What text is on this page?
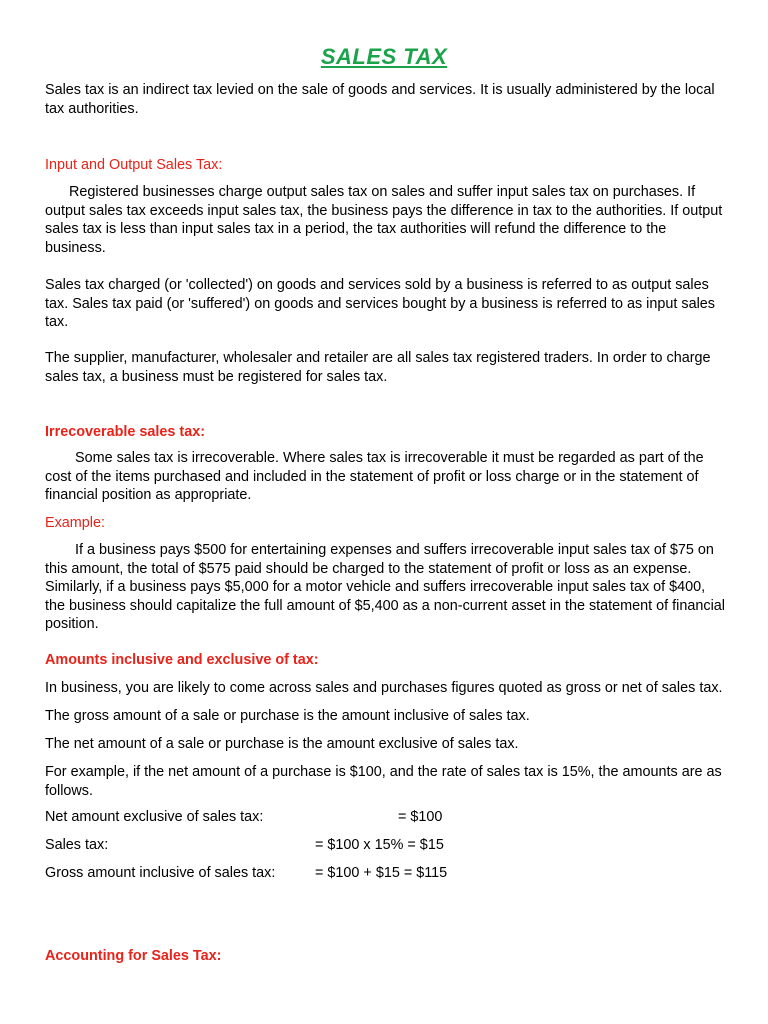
SALES TAX
Sales tax is an indirect tax levied on the sale of goods and services. It is usually administered by the local tax authorities.
Input and Output Sales Tax:
Registered businesses charge output sales tax on sales and suffer input sales tax on purchases. If output sales tax exceeds input sales tax, the business pays the difference in tax to the authorities. If output sales tax is less than input sales tax in a period, the tax authorities will refund the difference to the business.
Sales tax charged (or 'collected') on goods and services sold by a business is referred to as output sales tax. Sales tax paid (or 'suffered') on goods and services bought by a business is referred to as input sales tax.
The supplier, manufacturer, wholesaler and retailer are all sales tax registered traders. In order to charge sales tax, a business must be registered for sales tax.
Irrecoverable sales tax:
Some sales tax is irrecoverable. Where sales tax is irrecoverable it must be regarded as part of the cost of the items purchased and included in the statement of profit or loss charge or in the statement of financial position as appropriate.
Example:
If a business pays $500 for entertaining expenses and suffers irrecoverable input sales tax of $75 on this amount, the total of $575 paid should be charged to the statement of profit or loss as an expense. Similarly, if a business pays $5,000 for a motor vehicle and suffers irrecoverable input sales tax of $400, the business should capitalize the full amount of $5,400 as a non-current asset in the statement of financial position.
Amounts inclusive and exclusive of tax:
In business, you are likely to come across sales and purchases figures quoted as gross or net of sales tax.
The gross amount of a sale or purchase is the amount inclusive of sales tax.
The net amount of a sale or purchase is the amount exclusive of sales tax.
For example, if the net amount of a purchase is $100, and the rate of sales tax is 15%, the amounts are as follows.
Net amount exclusive of sales tax:	= $100
Sales tax:	= $100 x 15% = $15
Gross amount inclusive of sales tax:	= $100 + $15 = $115
Accounting for Sales Tax:
